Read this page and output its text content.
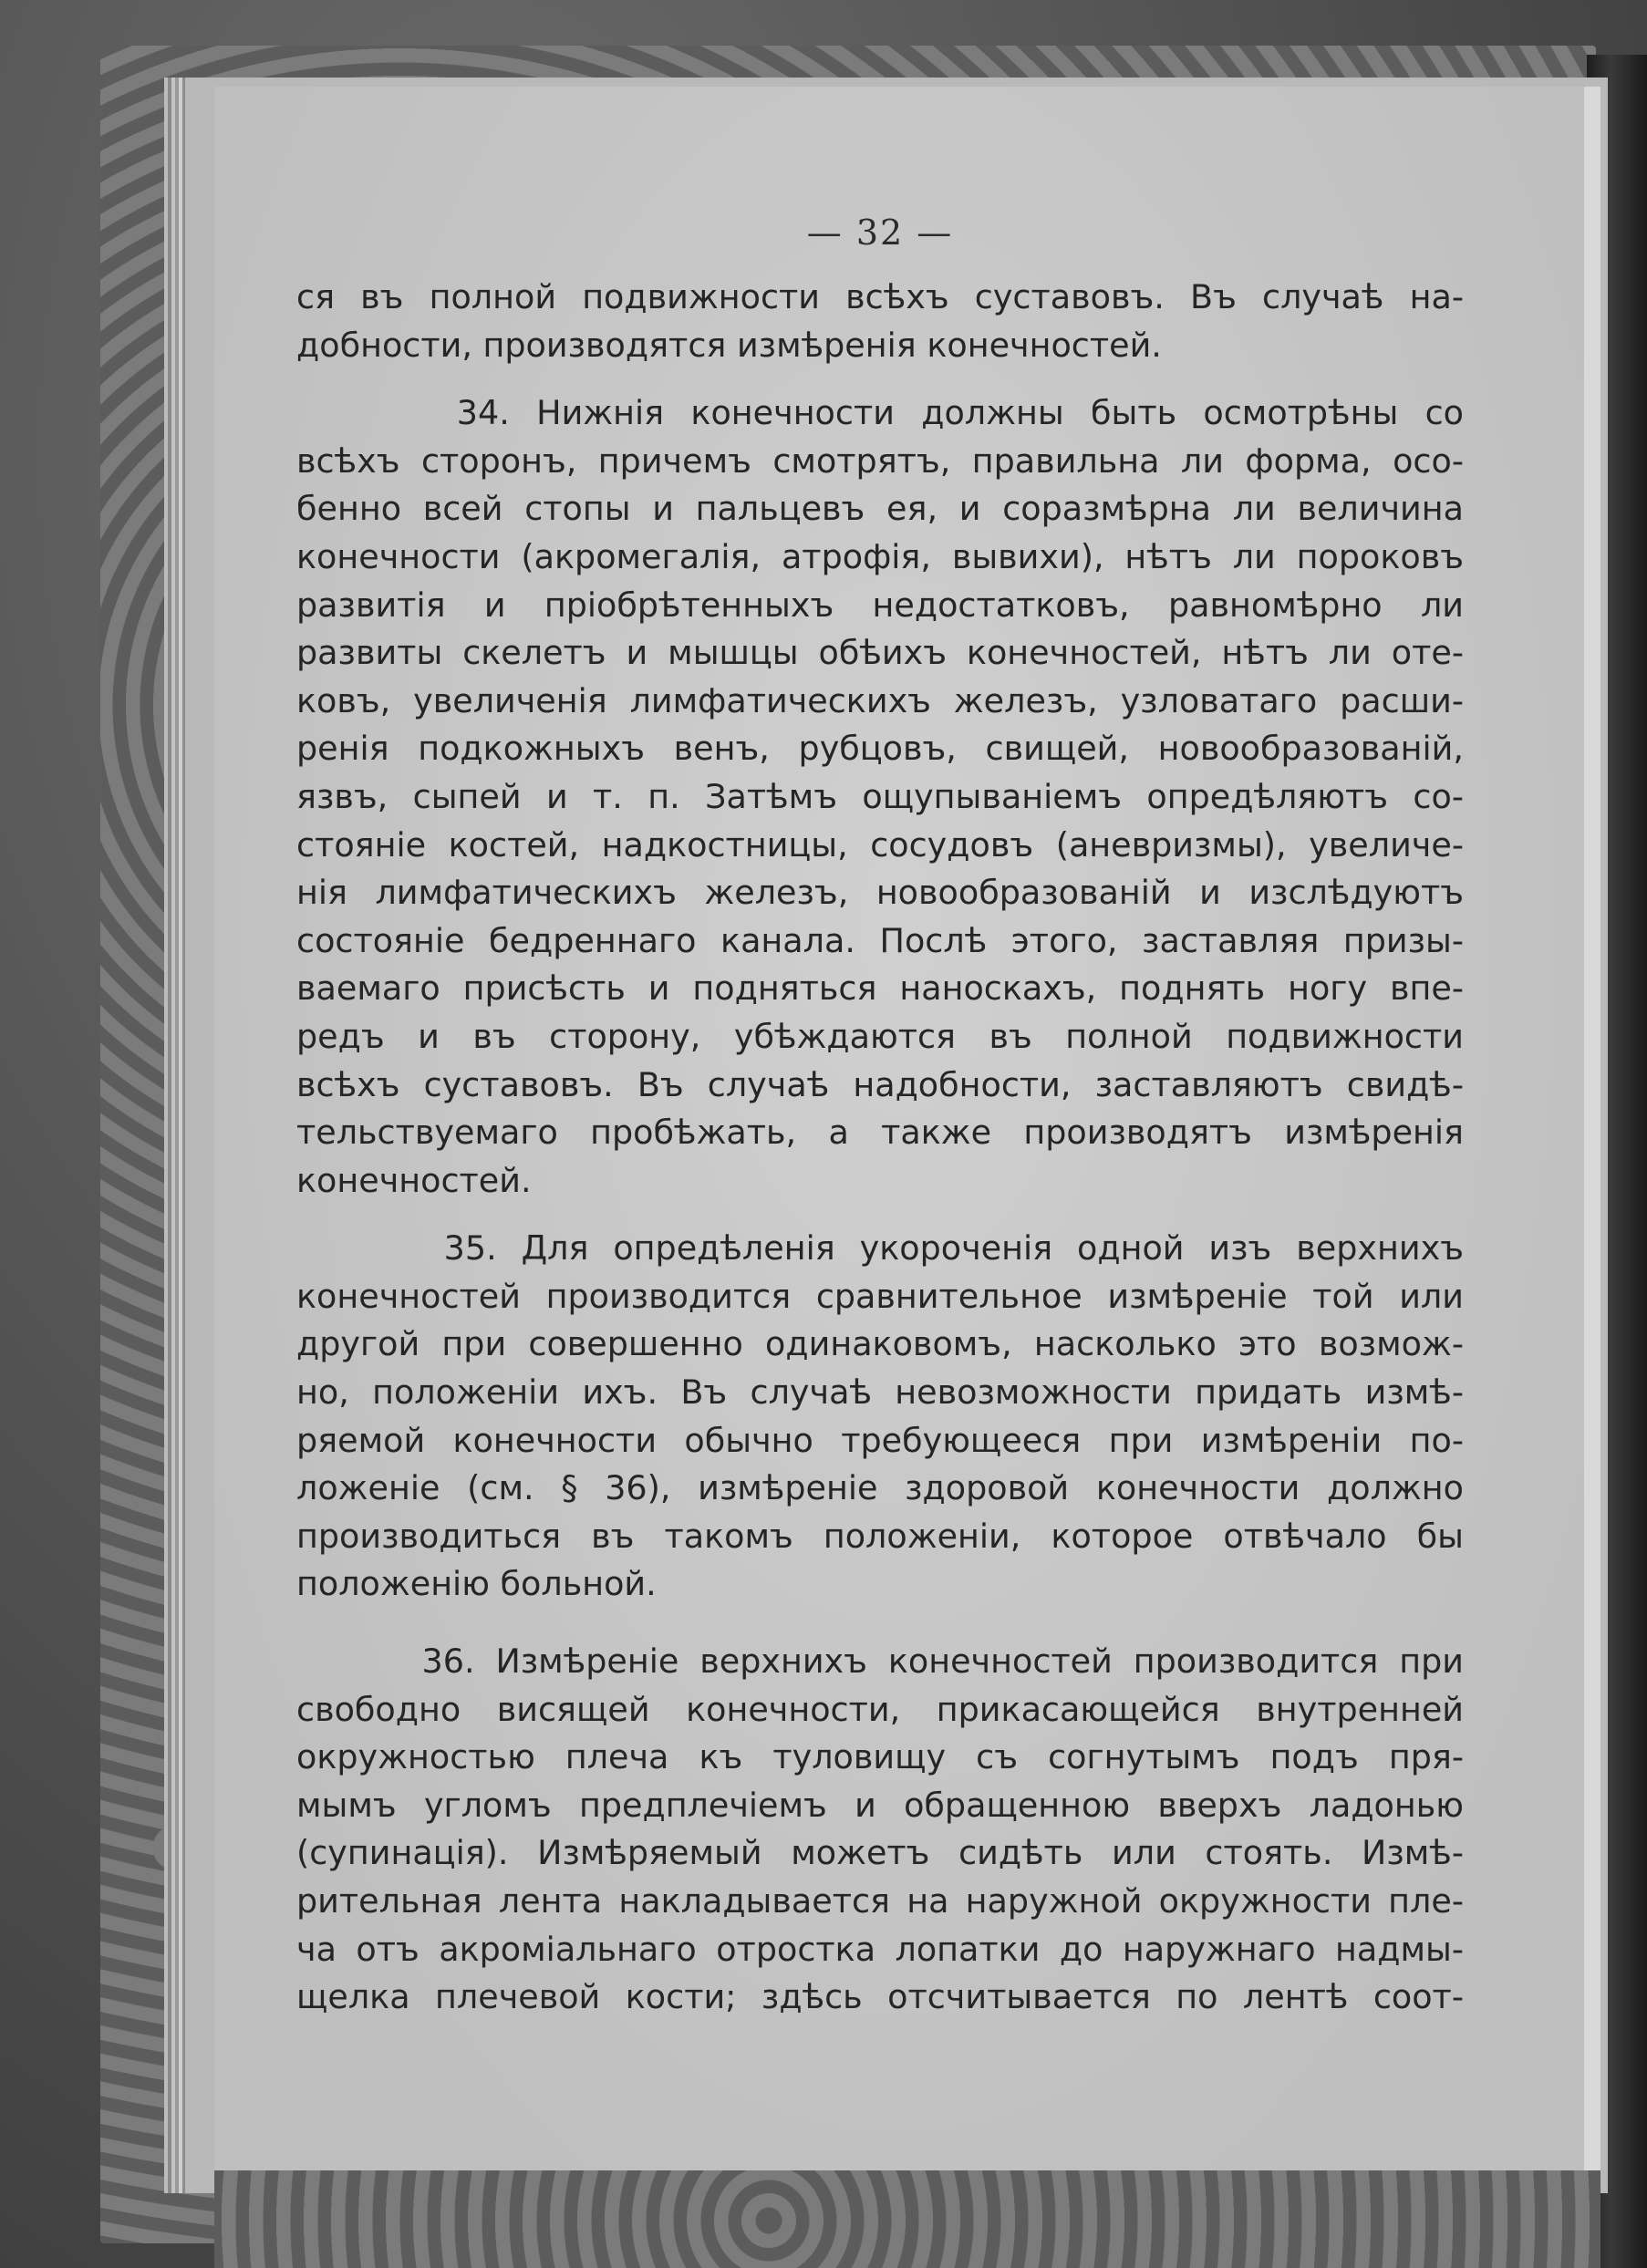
— 32 —

ся въ полной подвижности всѣхъ суставовъ. Въ случаѣ на-

добности, производятся измѣренія конечностей.

34. Нижнія конечности должны быть осмотрѣны со

всѣхъ сторонъ, причемъ смотрятъ, правильна ли форма, осо-

бенно всей стопы и пальцевъ ея, и соразмѣрна ли величина

конечности (акромегалія, атрофія, вывихи), нѣтъ ли пороковъ

развитія и пріобрѣтенныхъ недостатковъ, равномѣрно ли

развиты скелетъ и мышцы обѣихъ конечностей, нѣтъ ли оте-

ковъ, увеличенія лимфатическихъ железъ, узловатаго расши-

ренія подкожныхъ венъ, рубцовъ, свищей, новообразованій,

язвъ, сыпей и т. п. Затѣмъ ощупываніемъ опредѣляютъ со-

стояніе костей, надкостницы, сосудовъ (аневризмы), увеличе-

нія лимфатическихъ железъ, новообразованій и изслѣдуютъ

состояніе бедреннаго канала. Послѣ этого, заставляя призы-

ваемаго присѣсть и подняться наноскахъ, поднять ногу впе-

редъ и въ сторону, убѣждаются въ полной подвижности

всѣхъ суставовъ. Въ случаѣ надобности, заставляютъ свидѣ-

тельствуемаго пробѣжать, а также производятъ измѣренія

конечностей.

35. Для опредѣленія укороченія одной изъ верхнихъ

конечностей производится сравнительное измѣреніе той или

другой при совершенно одинаковомъ, насколько это возмож-

но, положеніи ихъ. Въ случаѣ невозможности придать измѣ-

ряемой конечности обычно требующееся при измѣреніи по-

ложеніе (см. § 36), измѣреніе здоровой конечности должно

производиться въ такомъ положеніи, которое отвѣчало бы

положенію больной.

36. Измѣреніе верхнихъ конечностей производится при

свободно висящей конечности, прикасающейся внутренней

окружностью плеча къ туловищу съ согнутымъ подъ пря-

мымъ угломъ предплечіемъ и обращенною вверхъ ладонью

(супинація). Измѣряемый можетъ сидѣть или стоять. Измѣ-

рительная лента накладывается на наружной окружности пле-

ча отъ акроміальнаго отростка лопатки до наружнаго надмы-

щелка плечевой кости; здѣсь отсчитывается по лентѣ соот-
